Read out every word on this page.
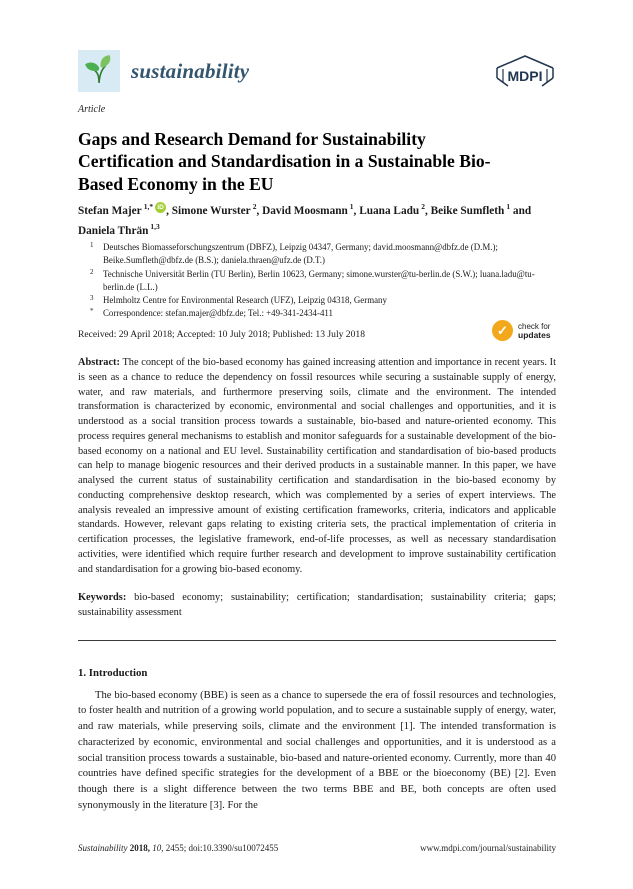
sustainability	MDPI
Article
Gaps and Research Demand for Sustainability Certification and Standardisation in a Sustainable Bio-Based Economy in the EU
Stefan Majer $^{1,*}$ iD , Simone Wurster $^2$, David Moosmann $^1$, Luana Ladu $^2$, Beike Sumfleth $^1$ and Daniela Thrän $^{1,3}$
1 Deutsches Biomasseforschungszentrum (DBFZ), Leipzig 04347, Germany; david.moosmann@dbfz.de (D.M.); Beike.Sumfleth@dbfz.de (B.S.); daniela.thraen@ufz.de (D.T.)
2 Technische Universität Berlin (TU Berlin), Berlin 10623, Germany; simone.wurster@tu-berlin.de (S.W.); luana.ladu@tu-berlin.de (L.L.)
3 Helmholtz Centre for Environmental Research (UFZ), Leipzig 04318, Germany
* Correspondence: stefan.majer@dbfz.de; Tel.: +49-341-2434-411
Received: 29 April 2018; Accepted: 10 July 2018; Published: 13 July 2018	✓	check for
updates

Abstract: The concept of the bio-based economy has gained increasing attention and importance in recent years. It is seen as a chance to reduce the dependency on fossil resources while securing a sustainable supply of energy, water, and raw materials, and furthermore preserving soils, climate and the environment. The intended transformation is characterized by economic, environmental and social challenges and opportunities, and it is understood as a social transition process towards a sustainable, bio-based and nature-oriented economy. This process requires general mechanisms to establish and monitor safeguards for a sustainable development of the bio-based economy on a national and EU level. Sustainability certification and standardisation of bio-based products can help to manage biogenic resources and their derived products in a sustainable manner. In this paper, we have analysed the current status of sustainability certification and standardisation in the bio-based economy by conducting comprehensive desktop research, which was complemented by a series of expert interviews. The analysis revealed an impressive amount of existing certification frameworks, criteria, indicators and applicable standards. However, relevant gaps relating to existing criteria sets, the practical implementation of criteria in certification processes, the legislative framework, end-of-life processes, as well as necessary standardisation activities, were identified which require further research and development to improve sustainability certification and standardisation for a growing bio-based economy.

Keywords: bio-based economy; sustainability; certification; standardisation; sustainability criteria; gaps; sustainability assessment

1. Introduction

The bio-based economy (BBE) is seen as a chance to supersede the era of fossil resources and technologies, to foster health and nutrition of a growing world population, and to secure a sustainable supply of energy, water, and raw materials, while preserving soils, climate and the environment [1]. The intended transformation is characterized by economic, environmental and social challenges and opportunities, and it is understood as a social transition process towards a sustainable, bio-based and nature-oriented economy. Currently, more than 40 countries have defined specific strategies for the development of a BBE or the bioeconomy (BE) [2]. Even though there is a slight difference between the two terms BBE and BE, both concepts are often used synonymously in the literature [3]. For the

Sustainability 2018, 10, 2455; doi:10.3390/su10072455	www.mdpi.com/journal/sustainability
